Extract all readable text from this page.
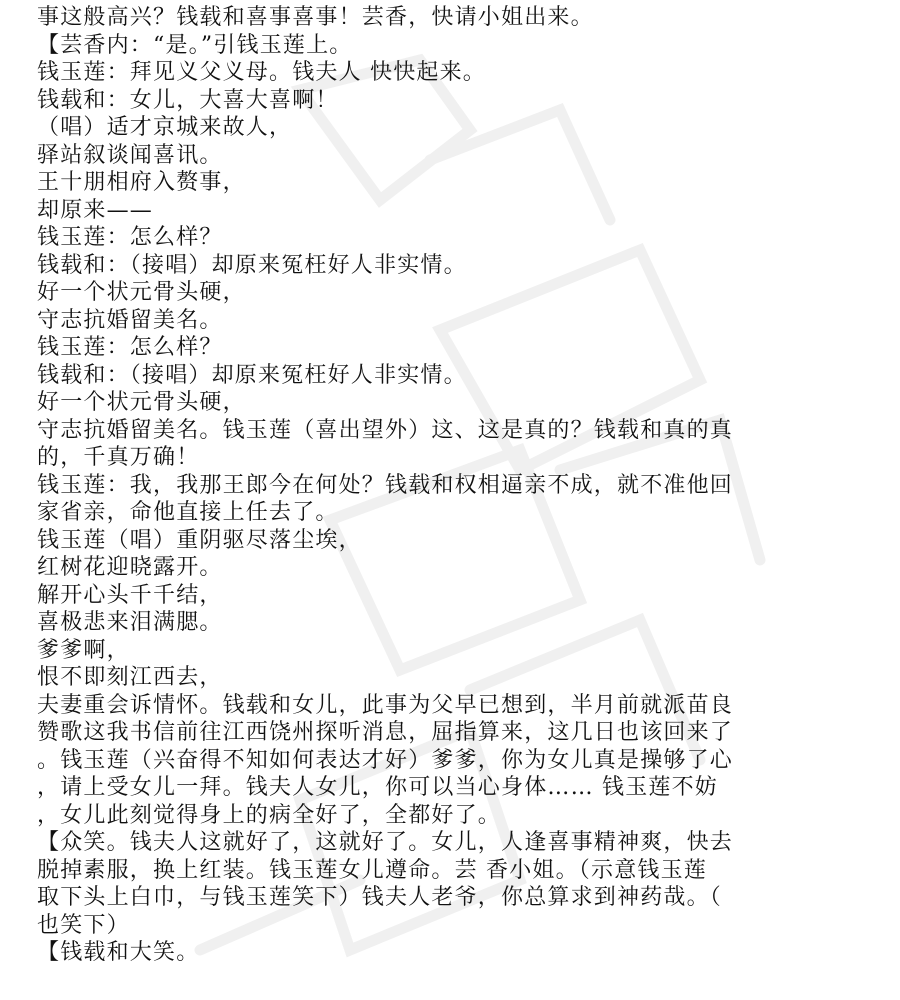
事这般高兴？钱载和喜事喜事！芸香，快请小姐出来。
【芸香内：“是。”引钱玉莲上。
钱玉莲：拜见义父义母。钱夫人 快快起来。
钱载和：女儿，大喜大喜啊！
（唱）适才京城来故人，
驿站叙谈闻喜讯。
王十朋相府入赘事，
却原来——
钱玉莲：怎么样？
钱载和：（接唱）却原来冤枉好人非实情。
好一个状元骨头硬，
守志抗婚留美名。
钱玉莲：怎么样？
钱载和：（接唱）却原来冤枉好人非实情。
好一个状元骨头硬，
守志抗婚留美名。钱玉莲（喜出望外）这、这是真的？钱载和真的真
的，千真万确！
钱玉莲：我，我那王郎今在何处？钱载和权相逼亲不成，就不准他回
家省亲，命他直接上任去了。
钱玉莲（唱）重阴驱尽落尘埃，
红树花迎晓露开。
解开心头千千结，
喜极悲来泪满腮。
爹爹啊，
恨不即刻江西去，
夫妻重会诉情怀。钱载和女儿，此事为父早已想到，半月前就派苗良
赞歌这我书信前往江西饶州探听消息，屈指算来，这几日也该回来了
。钱玉莲（兴奋得不知如何表达才好）爹爹，你为女儿真是操够了心
，请上受女儿一拜。钱夫人女儿，你可以当心身体…… 钱玉莲不妨
，女儿此刻觉得身上的病全好了，全都好了。
【众笑。钱夫人这就好了，这就好了。女儿，人逢喜事精神爽，快去
脱掉素服，换上红装。钱玉莲女儿遵命。芸 香小姐。（示意钱玉莲
取下头上白巾，与钱玉莲笑下）钱夫人老爷，你总算求到神药哉。（
也笑下）
【钱载和大笑。
